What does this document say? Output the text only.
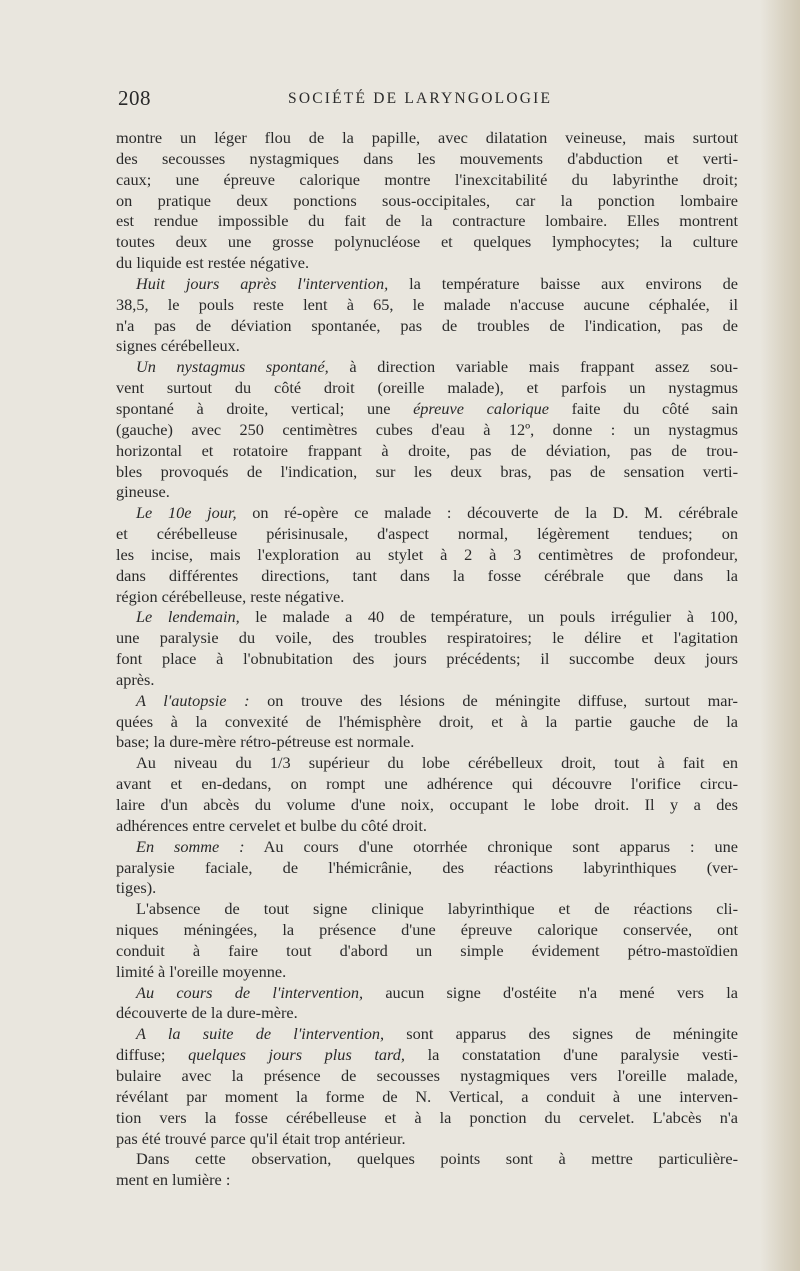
208	SOCIÉTÉ DE LARYNGOLOGIE
montre un léger flou de la papille, avec dilatation veineuse, mais surtout
des secousses nystagmiques dans les mouvements d'abduction et verti-
caux; une épreuve calorique montre l'inexcitabilité du labyrinthe droit;
on pratique deux ponctions sous-occipitales, car la ponction lombaire
est rendue impossible du fait de la contracture lombaire. Elles montrent
toutes deux une grosse polynucléose et quelques lymphocytes; la culture
du liquide est restée négative.
Huit jours après l'intervention, la température baisse aux environs de
38,5, le pouls reste lent à 65, le malade n'accuse aucune céphalée, il
n'a pas de déviation spontanée, pas de troubles de l'indication, pas de
signes cérébelleux.
Un nystagmus spontané, à direction variable mais frappant assez sou-
vent surtout du côté droit (oreille malade), et parfois un nystagmus
spontané à droite, vertical; une épreuve calorique faite du côté sain
(gauche) avec 250 centimètres cubes d'eau à 12º, donne : un nystagmus
horizontal et rotatoire frappant à droite, pas de déviation, pas de trou-
bles provoqués de l'indication, sur les deux bras, pas de sensation verti-
gineuse.
Le 10e jour, on ré-opère ce malade : découverte de la D. M. cérébrale
et cérébelleuse périsinusale, d'aspect normal, légèrement tendues; on
les incise, mais l'exploration au stylet à 2 à 3 centimètres de profondeur,
dans différentes directions, tant dans la fosse cérébrale que dans la
région cérébelleuse, reste négative.
Le lendemain, le malade a 40 de température, un pouls irrégulier à 100,
une paralysie du voile, des troubles respiratoires; le délire et l'agitation
font place à l'obnubitation des jours précédents; il succombe deux jours
après.
A l'autopsie : on trouve des lésions de méningite diffuse, surtout mar-
quées à la convexité de l'hémisphère droit, et à la partie gauche de la
base; la dure-mère rétro-pétreuse est normale.
Au niveau du 1/3 supérieur du lobe cérébelleux droit, tout à fait en
avant et en-dedans, on rompt une adhérence qui découvre l'orifice circu-
laire d'un abcès du volume d'une noix, occupant le lobe droit. Il y a des
adhérences entre cervelet et bulbe du côté droit.
En somme : Au cours d'une otorrhée chronique sont apparus : une
paralysie faciale, de l'hémicrânie, des réactions labyrinthiques (ver-
tiges).
L'absence de tout signe clinique labyrinthique et de réactions cli-
niques méningées, la présence d'une épreuve calorique conservée, ont
conduit à faire tout d'abord un simple évidement pétro-mastoïdien
limité à l'oreille moyenne.
Au cours de l'intervention, aucun signe d'ostéite n'a mené vers la
découverte de la dure-mère.
A la suite de l'intervention, sont apparus des signes de méningite
diffuse; quelques jours plus tard, la constatation d'une paralysie vesti-
bulaire avec la présence de secousses nystagmiques vers l'oreille malade,
révélant par moment la forme de N. Vertical, a conduit à une interven-
tion vers la fosse cérébelleuse et à la ponction du cervelet. L'abcès n'a
pas été trouvé parce qu'il était trop antérieur.
Dans cette observation, quelques points sont à mettre particulière-
ment en lumière :
